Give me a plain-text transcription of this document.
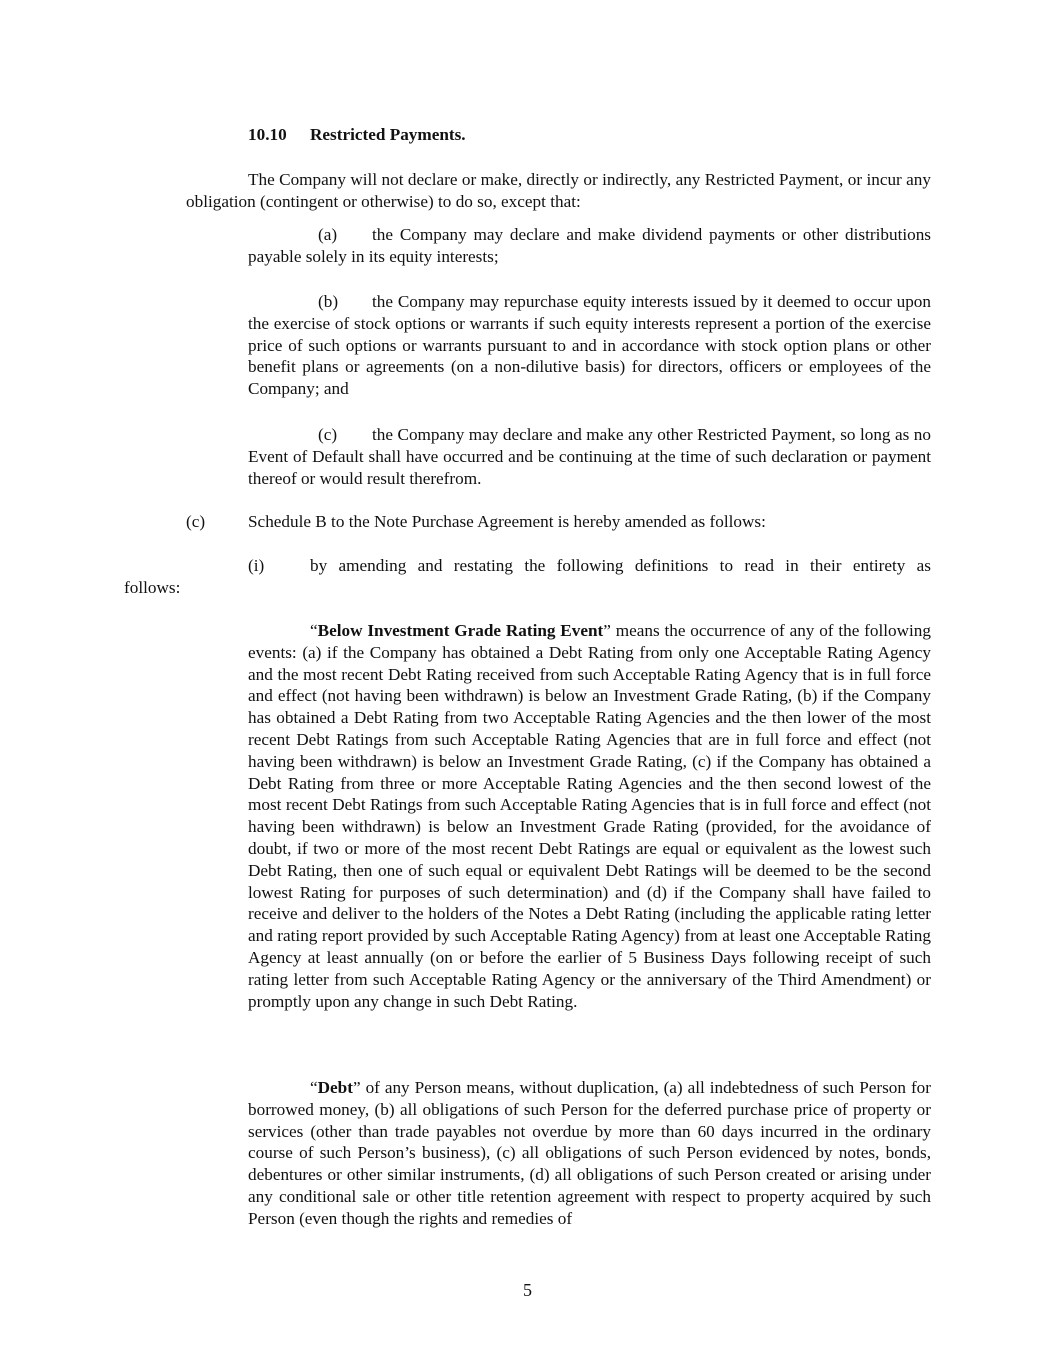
10.10 Restricted Payments.
The Company will not declare or make, directly or indirectly, any Restricted Payment, or incur any obligation (contingent or otherwise) to do so, except that:
(a) the Company may declare and make dividend payments or other distributions payable solely in its equity interests;
(b) the Company may repurchase equity interests issued by it deemed to occur upon the exercise of stock options or warrants if such equity interests represent a portion of the exercise price of such options or warrants pursuant to and in accordance with stock option plans or other benefit plans or agreements (on a non-dilutive basis) for directors, officers or employees of the Company; and
(c) the Company may declare and make any other Restricted Payment, so long as no Event of Default shall have occurred and be continuing at the time of such declaration or payment thereof or would result therefrom.
(c) Schedule B to the Note Purchase Agreement is hereby amended as follows:
(i)	by amending and restating the following definitions to read in their entirety as
follows:
“Below Investment Grade Rating Event” means the occurrence of any of the following events: (a) if the Company has obtained a Debt Rating from only one Acceptable Rating Agency and the most recent Debt Rating received from such Acceptable Rating Agency that is in full force and effect (not having been withdrawn) is below an Investment Grade Rating, (b) if the Company has obtained a Debt Rating from two Acceptable Rating Agencies and the then lower of the most recent Debt Ratings from such Acceptable Rating Agencies that are in full force and effect (not having been withdrawn) is below an Investment Grade Rating, (c) if the Company has obtained a Debt Rating from three or more Acceptable Rating Agencies and the then second lowest of the most recent Debt Ratings from such Acceptable Rating Agencies that is in full force and effect (not having been withdrawn) is below an Investment Grade Rating (provided, for the avoidance of doubt, if two or more of the most recent Debt Ratings are equal or equivalent as the lowest such Debt Rating, then one of such equal or equivalent Debt Ratings will be deemed to be the second lowest Rating for purposes of such determination) and (d) if the Company shall have failed to receive and deliver to the holders of the Notes a Debt Rating (including the applicable rating letter and rating report provided by such Acceptable Rating Agency) from at least one Acceptable Rating Agency at least annually (on or before the earlier of 5 Business Days following receipt of such rating letter from such Acceptable Rating Agency or the anniversary of the Third Amendment) or promptly upon any change in such Debt Rating.
“Debt” of any Person means, without duplication, (a) all indebtedness of such Person for borrowed money, (b) all obligations of such Person for the deferred purchase price of property or services (other than trade payables not overdue by more than 60 days incurred in the ordinary course of such Person’s business), (c) all obligations of such Person evidenced by notes, bonds, debentures or other similar instruments, (d) all obligations of such Person created or arising under any conditional sale or other title retention agreement with respect to property acquired by such Person (even though the rights and remedies of
5
